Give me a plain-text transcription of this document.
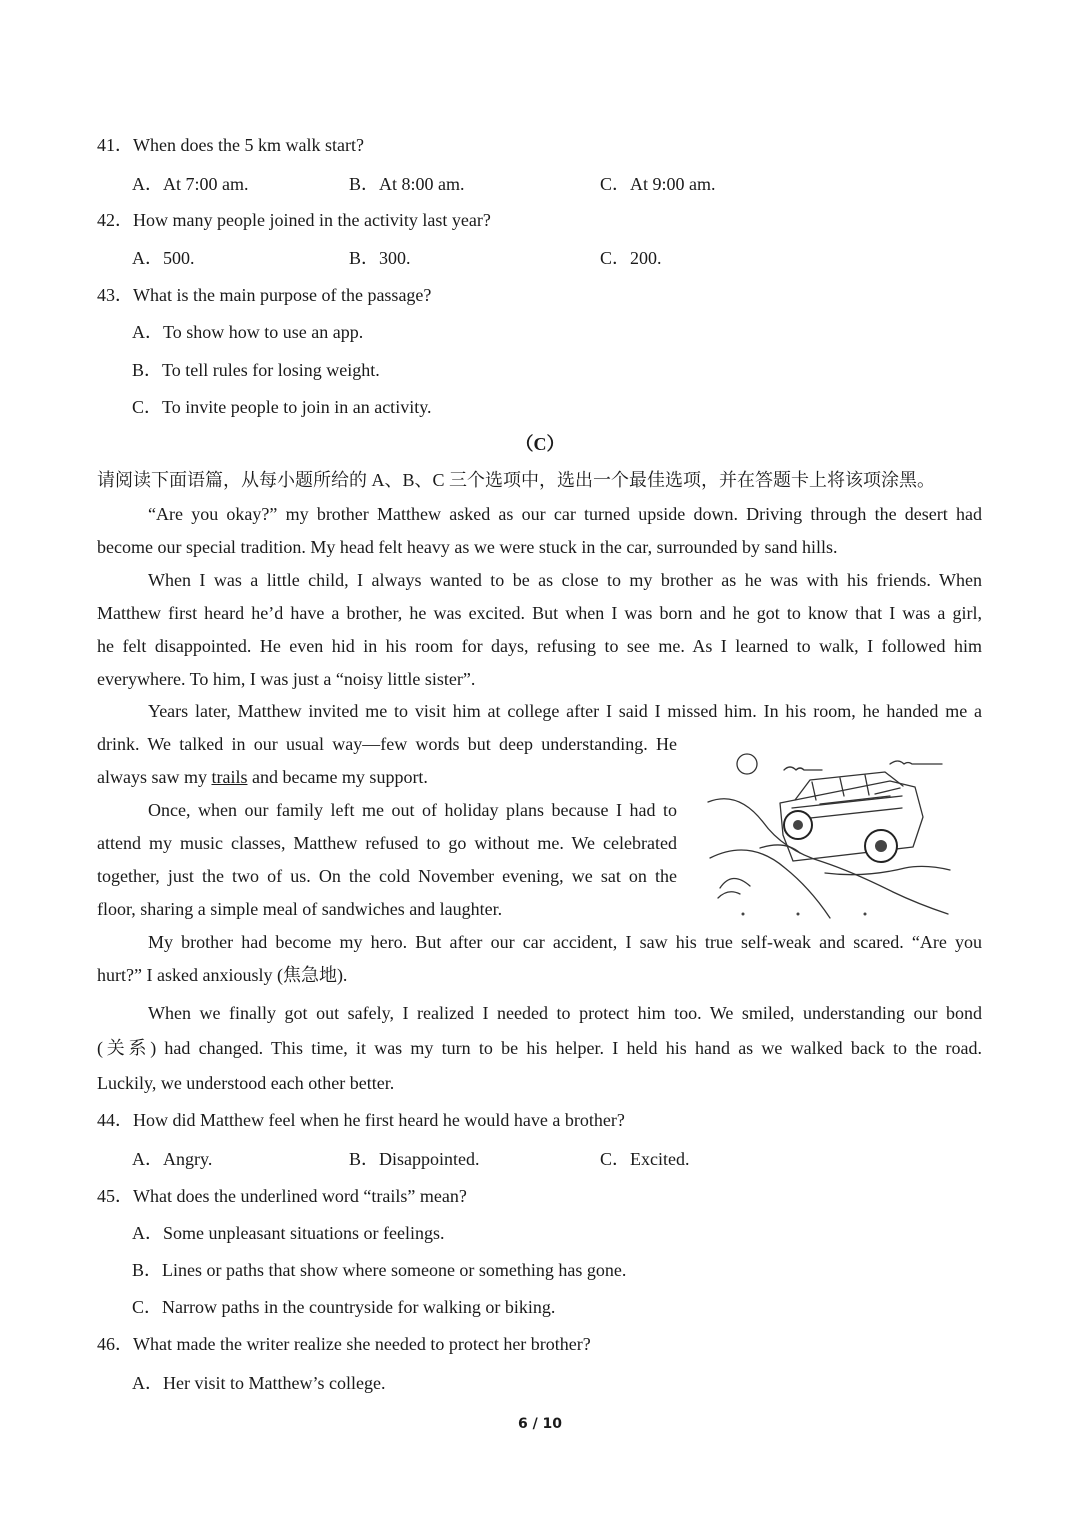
41．When does the 5 km walk start?
A．At 7:00 am.	B．At 8:00 am.	C．At 9:00 am.
42．How many people joined in the activity last year?
A．500.	B．300.	C．200.
43．What is the main purpose of the passage?
A．To show how to use an app.
B．To tell rules for losing weight.
C．To invite people to join in an activity.
（C）
请阅读下面语篇，从每小题所给的 A、B、C 三个选项中，选出一个最佳选项，并在答题卡上将该项涂黑。
“Are you okay?” my brother Matthew asked as our car turned upside down. Driving through the desert had
become our special tradition. My head felt heavy as we were stuck in the car, surrounded by sand hills.
When I was a little child, I always wanted to be as close to my brother as he was with his friends. When
Matthew first heard he’d have a brother, he was excited. But when I was born and he got to know that I was a girl,
he felt disappointed. He even hid in his room for days, refusing to see me. As I learned to walk, I followed him
everywhere. To him, I was just a “noisy little sister”.
Years later, Matthew invited me to visit him at college after I said I missed him. In his room, he handed me a
drink. We talked in our usual way—few words but deep understanding. He
always saw my trails and became my support.
Once, when our family left me out of holiday plans because I had to
attend my music classes, Matthew refused to go without me. We celebrated
together, just the two of us. On the cold November evening, we sat on the
floor, sharing a simple meal of sandwiches and laughter.
My brother had become my hero. But after our car accident, I saw his true self-weak and scared. “Are you
hurt?” I asked anxiously (焦急地).
When we finally got out safely, I realized I needed to protect him too. We smiled, understanding our bond
(关系) had changed. This time, it was my turn to be his helper. I held his hand as we walked back to the road.
Luckily, we understood each other better.
44．How did Matthew feel when he first heard he would have a brother?
A．Angry.	B．Disappointed.	C．Excited.
45．What does the underlined word “trails” mean?
A．Some unpleasant situations or feelings.
B．Lines or paths that show where someone or something has gone.
C．Narrow paths in the countryside for walking or biking.
46．What made the writer realize she needed to protect her brother?
A．Her visit to Matthew’s college.
6 / 10
